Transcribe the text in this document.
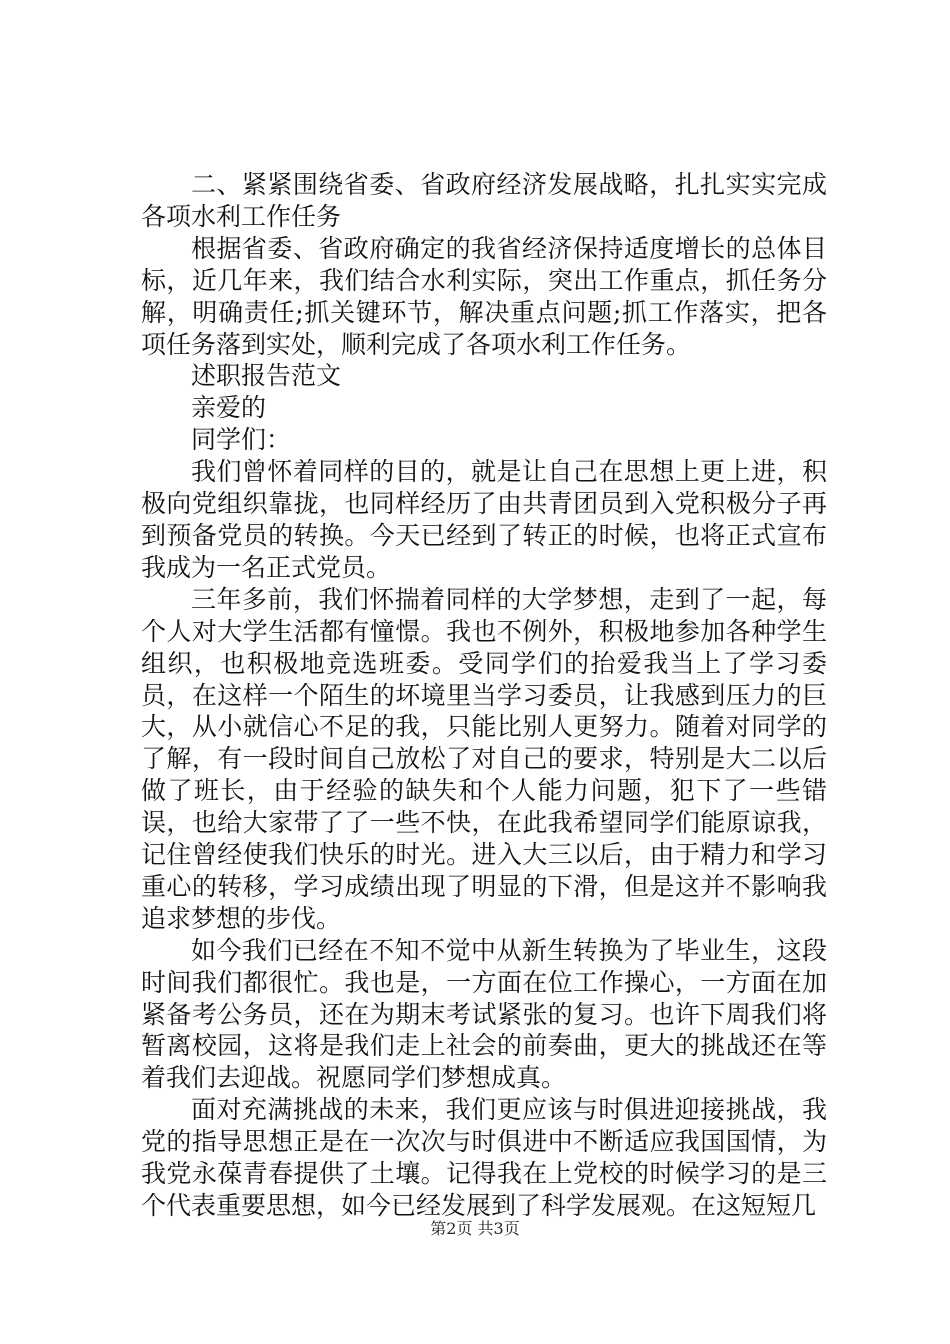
二、紧紧围绕省委、省政府经济发展战略，扎扎实实完成各项水利工作任务

根据省委、省政府确定的我省经济保持适度增长的总体目标，近几年来，我们结合水利实际，突出工作重点，抓任务分解，明确责任;抓关键环节，解决重点问题;抓工作落实，把各项任务落到实处，顺利完成了各项水利工作任务。

述职报告范文

亲爱的

同学们：

我们曾怀着同样的目的，就是让自己在思想上更上进，积极向党组织靠拢，也同样经历了由共青团员到入党积极分子再到预备党员的转换。今天已经到了转正的时候，也将正式宣布我成为一名正式党员。

三年多前，我们怀揣着同样的大学梦想，走到了一起，每个人对大学生活都有憧憬。我也不例外，积极地参加各种学生组织，也积极地竞选班委。受同学们的抬爱我当上了学习委员，在这样一个陌生的坏境里当学习委员，让我感到压力的巨大，从小就信心不足的我，只能比别人更努力。随着对同学的了解，有一段时间自己放松了对自己的要求，特别是大二以后做了班长，由于经验的缺失和个人能力问题，犯下了一些错误，也给大家带了了一些不快，在此我希望同学们能原谅我，记住曾经使我们快乐的时光。进入大三以后，由于精力和学习重心的转移，学习成绩出现了明显的下滑，但是这并不影响我追求梦想的步伐。

如今我们已经在不知不觉中从新生转换为了毕业生，这段时间我们都很忙。我也是，一方面在位工作操心，一方面在加紧备考公务员，还在为期末考试紧张的复习。也许下周我们将暂离校园，这将是我们走上社会的前奏曲，更大的挑战还在等着我们去迎战。祝愿同学们梦想成真。

面对充满挑战的未来，我们更应该与时俱进迎接挑战，我党的指导思想正是在一次次与时俱进中不断适应我国国情，为我党永葆青春提供了土壤。记得我在上党校的时候学习的是三个代表重要思想，如今已经发展到了科学发展观。在这短短几

第2页 共3页
